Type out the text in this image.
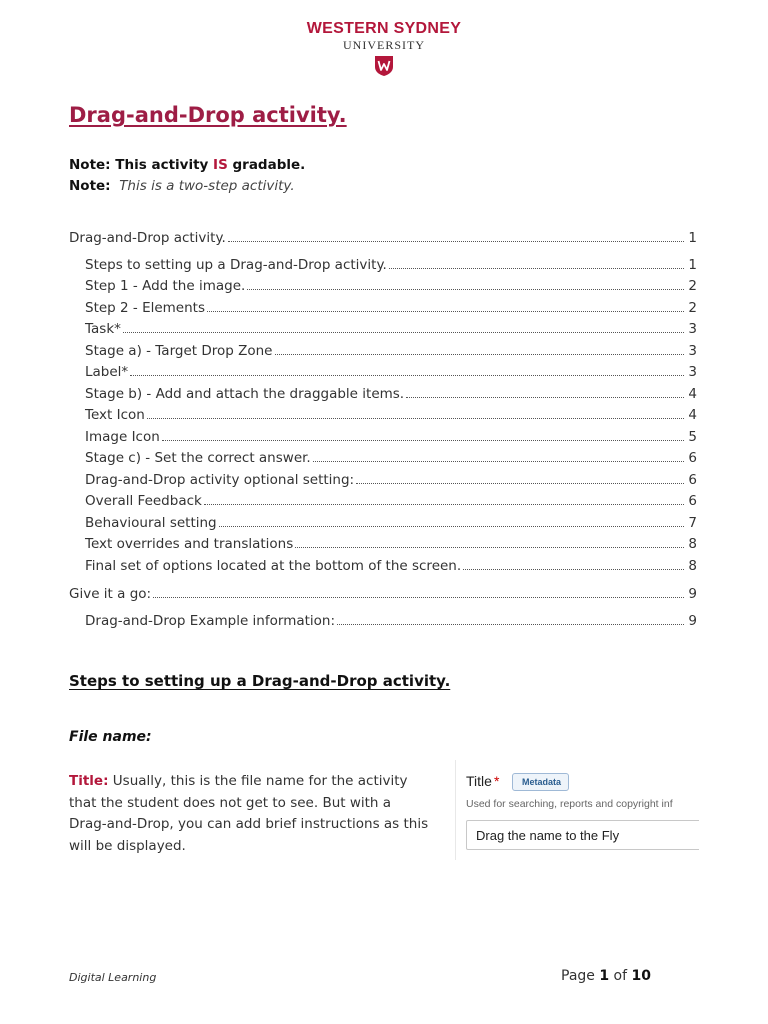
WESTERN SYDNEY
UNIVERSITY
Drag-and-Drop activity.
Note: This activity IS gradable.
Note: This is a two-step activity.
Drag-and-Drop activity.	1
Steps to setting up a Drag-and-Drop activity.	1
Step 1 - Add the image.	2
Step 2 - Elements	2
Task*	3
Stage a) - Target Drop Zone	3
Label*	3
Stage b) - Add and attach the draggable items.	4
Text Icon	4
Image Icon	5
Stage c) - Set the correct answer.	6
Drag-and-Drop activity optional setting:	6
Overall Feedback	6
Behavioural setting	7
Text overrides and translations	8
Final set of options located at the bottom of the screen.	8
Give it a go:	9
Drag-and-Drop Example information:	9
Steps to setting up a Drag-and-Drop activity.
File name:
Title: Usually, this is the file name for the activity that the student does not get to see. But with a Drag-and-Drop, you can add brief instructions as this will be displayed.
Title *	Metadata
Used for searching, reports and copyright inf
Drag the name to the Fly
Digital Learning	Page 1 of 10
